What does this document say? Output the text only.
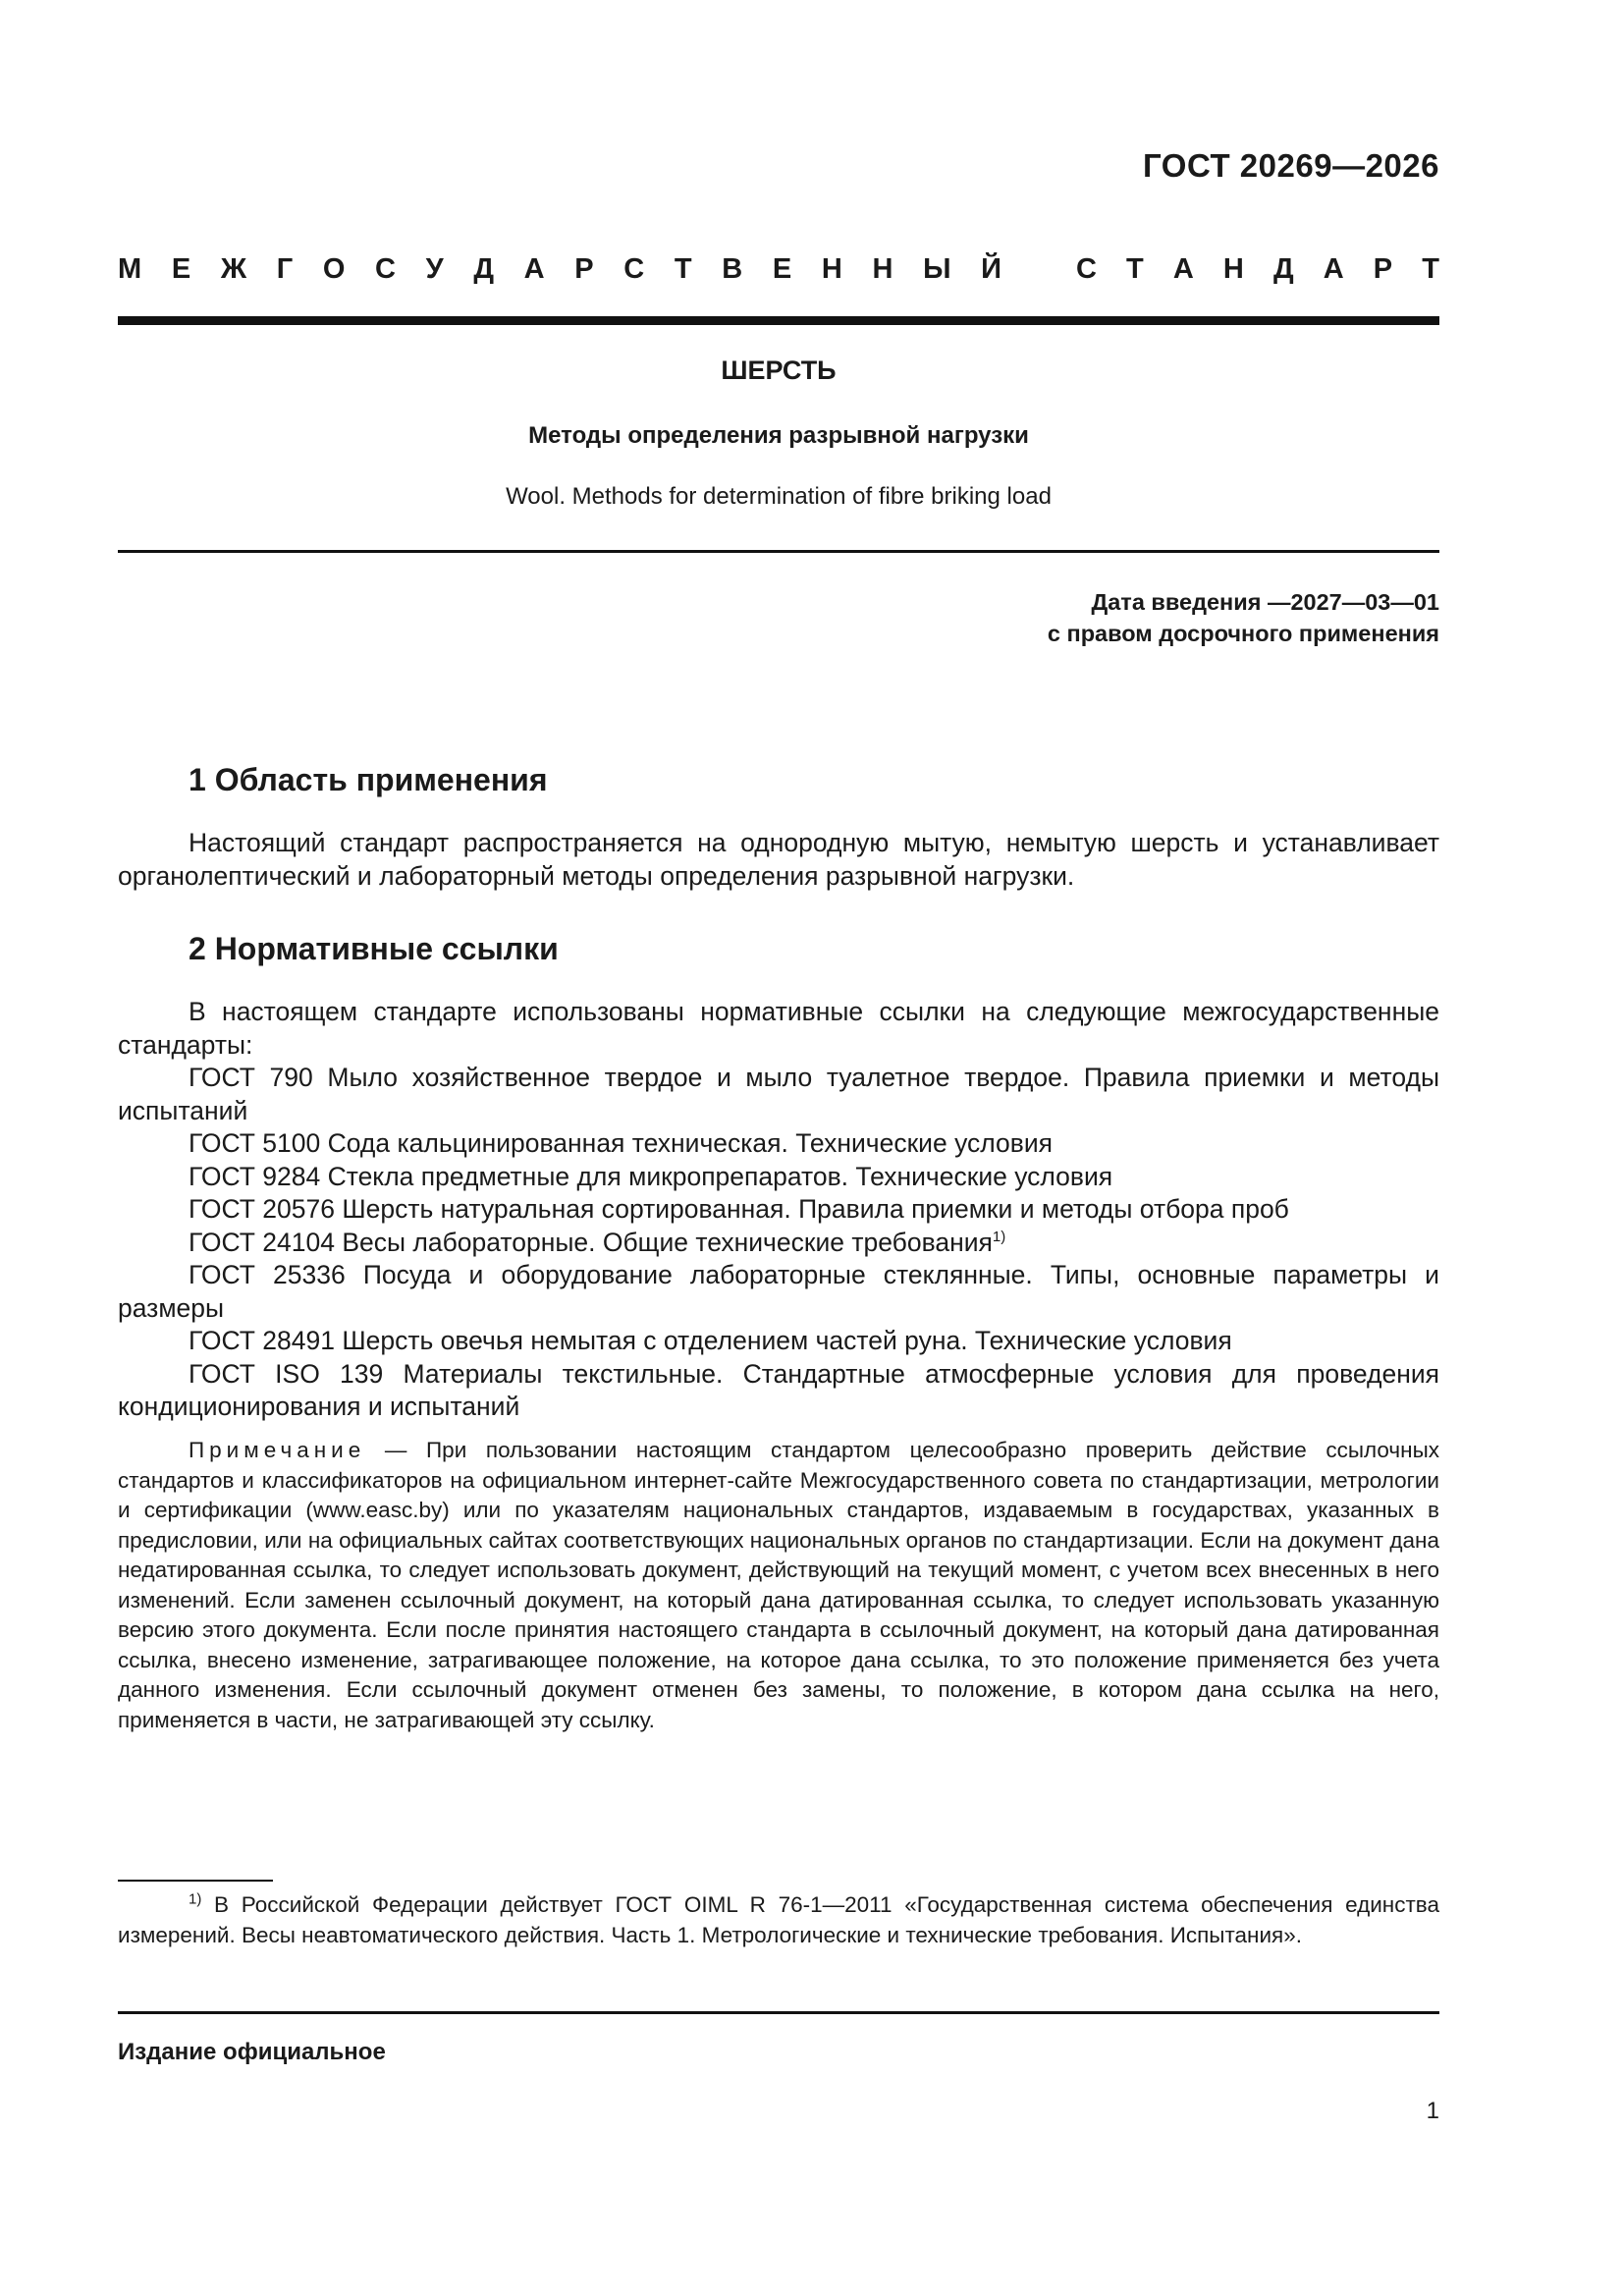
ГОСТ 20269—2026
М Е Ж Г О С У Д А Р С Т В Е Н Н Ы Й	С Т А Н Д А Р Т
ШЕРСТЬ
Методы определения разрывной нагрузки
Wool. Methods for determination of fibre briking load
Дата введения —2027—03—01
с правом досрочного применения
1 Область применения

Настоящий стандарт распространяется на однородную мытую, немытую шерсть и устанавливает органолептический и лабораторный методы определения разрывной нагрузки.

2 Нормативные ссылки

В настоящем стандарте использованы нормативные ссылки на следующие межгосударственные стандарты:

ГОСТ 790 Мыло хозяйственное твердое и мыло туалетное твердое. Правила приемки и методы испытаний

ГОСТ 5100 Сода кальцинированная техническая. Технические условия

ГОСТ 9284 Стекла предметные для микропрепаратов. Технические условия

ГОСТ 20576 Шерсть натуральная сортированная. Правила приемки и методы отбора проб

ГОСТ 24104 Весы лабораторные. Общие технические требования$^{1)}$

ГОСТ 25336 Посуда и оборудование лабораторные стеклянные. Типы, основные параметры и размеры

ГОСТ 28491 Шерсть овечья немытая с отделением частей руна. Технические условия

ГОСТ ISO 139 Материалы текстильные. Стандартные атмосферные условия для проведения кондиционирования и испытаний

Примечание — При пользовании настоящим стандартом целесообразно проверить действие ссылочных стандартов и классификаторов на официальном интернет-сайте Межгосударственного совета по стандартизации, метрологии и сертификации (www.easc.by) или по указателям национальных стандартов, издаваемым в государствах, указанных в предисловии, или на официальных сайтах соответствующих национальных органов по стандартизации. Если на документ дана недатированная ссылка, то следует использовать документ, действующий на текущий момент, с учетом всех внесенных в него изменений. Если заменен ссылочный документ, на который дана датированная ссылка, то следует использовать указанную версию этого документа. Если после принятия настоящего стандарта в ссылочный документ, на который дана датированная ссылка, внесено изменение, затрагивающее положение, на которое дана ссылка, то это положение применяется без учета данного изменения. Если ссылочный документ отменен без замены, то положение, в котором дана ссылка на него, применяется в части, не затрагивающей эту ссылку.

$^{1)}$ В Российской Федерации действует ГОСТ OIML R 76-1—2011 «Государственная система обеспечения единства измерений. Весы неавтоматического действия. Часть 1. Метрологические и технические требования. Испытания».

Издание официальное
1
